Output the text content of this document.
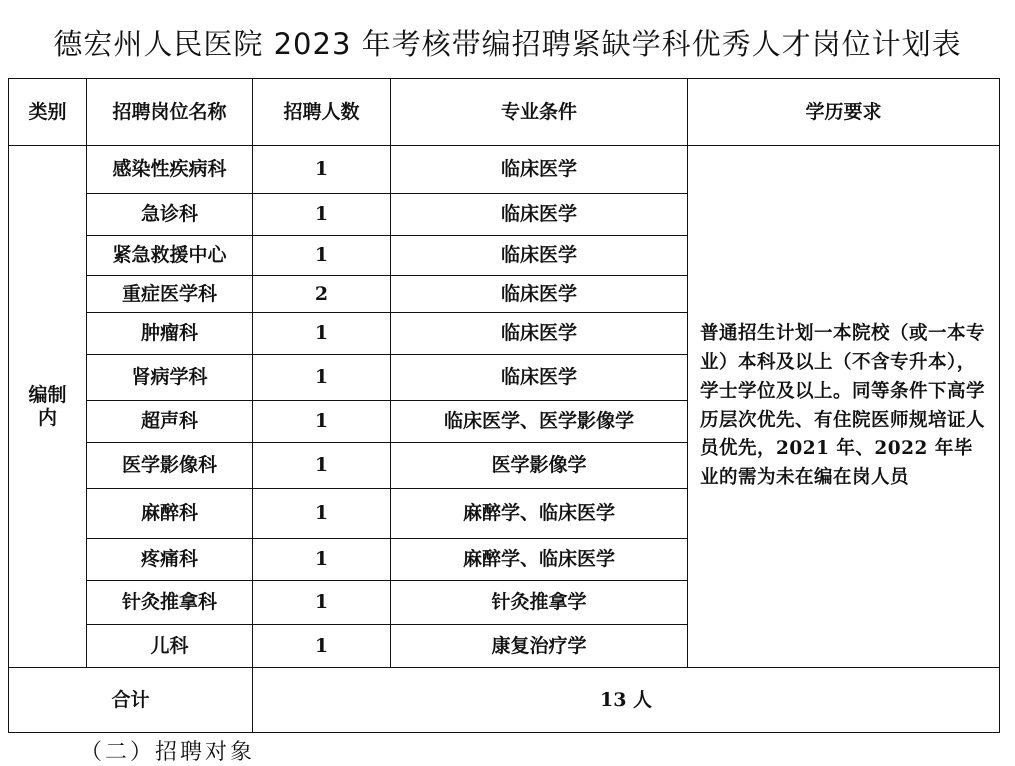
德宏州人民医院 2023 年考核带编招聘紧缺学科优秀人才岗位计划表
类别	招聘岗位名称	招聘人数	专业条件	学历要求
编制内	感染性疾病科	1	临床医学	普通招生计划一本院校（或一本专业）本科及以上（不含专升本），学士学位及以上。同等条件下高学历层次优先、有住院医师规培证人员优先，2021 年、2022 年毕业的需为未在编在岗人员
	急诊科	1	临床医学	
	紧急救援中心	1	临床医学	
	重症医学科	2	临床医学	
	肿瘤科	1	临床医学	
	肾病学科	1	临床医学	
	超声科	1	临床医学、医学影像学	
	医学影像科	1	医学影像学	
	麻醉科	1	麻醉学、临床医学	
	疼痛科	1	麻醉学、临床医学	
	针灸推拿科	1	针灸推拿学	
	儿科	1	康复治疗学	
合计		13 人		
（二）招聘对象
